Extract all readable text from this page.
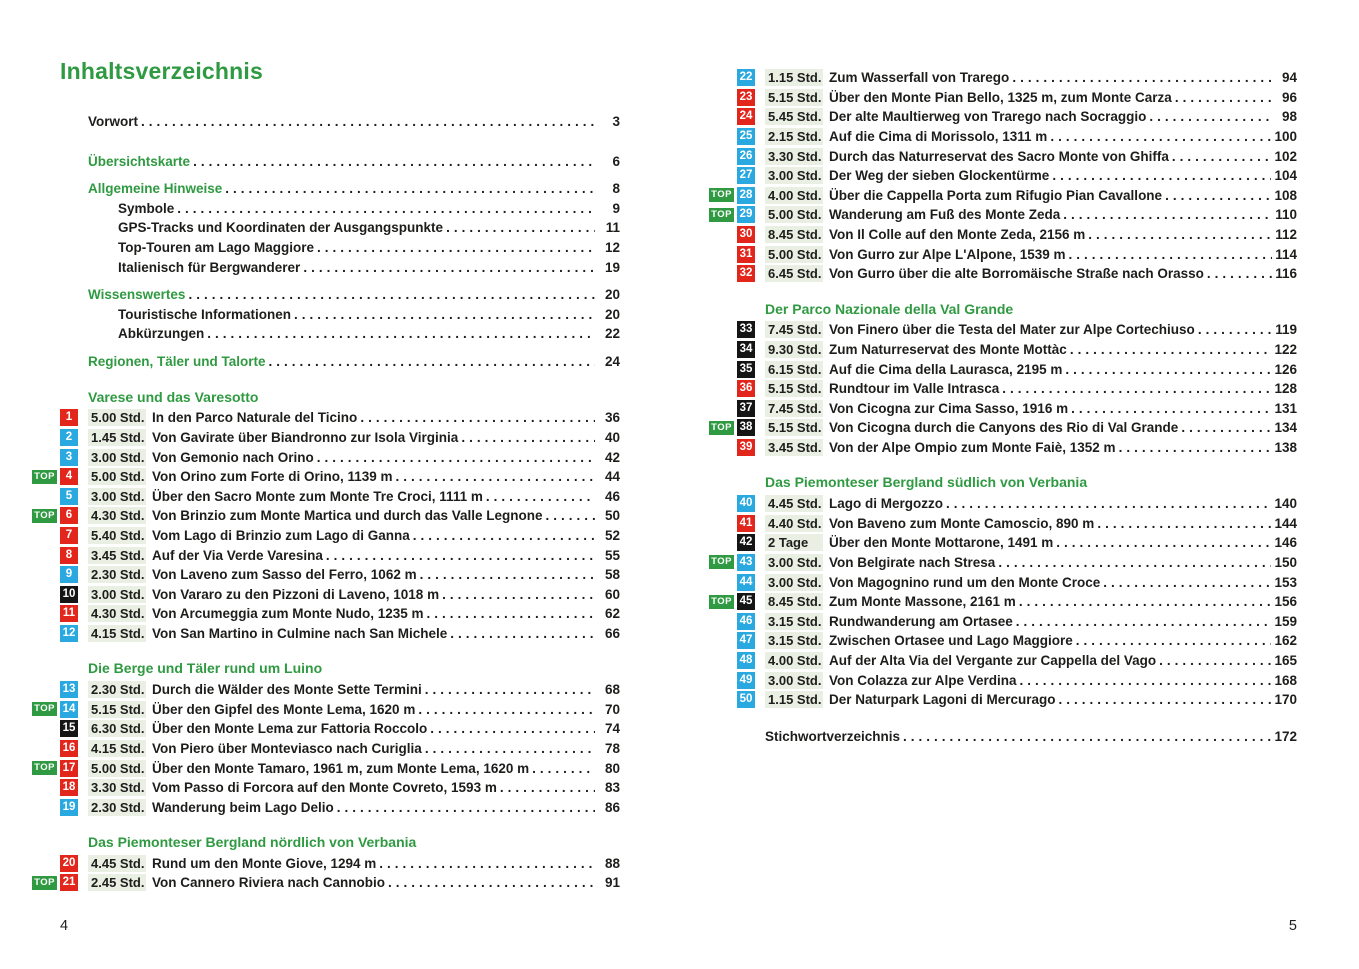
Inhaltsverzeichnis
Vorwort .....	3
Übersichtskarte .....	6
Allgemeine Hinweise .....	8
Symbole .....	9
GPS-Tracks und Koordinaten der Ausgangspunkte .....	11
Top-Touren am Lago Maggiore .....	12
Italienisch für Bergwanderer .....	19
Wissenswertes .....	20
Touristische Informationen .....	20
Abkürzungen .....	22
Regionen, Täler und Talorte .....	24
Varese und das Varesotto
1	5.00 Std. In den Parco Naturale del Ticino .....	36
2	1.45 Std. Von Gavirate über Biandronno zur Isola Virginia .....	40
3	3.00 Std. Von Gemonio nach Orino .....	42
TOP 4	5.00 Std. Von Orino zum Forte di Orino, 1139 m .....	44
5	3.00 Std. Über den Sacro Monte zum Monte Tre Croci, 1111 m .....	46
TOP 6	4.30 Std. Von Brinzio zum Monte Martica und durch das Valle Legnone .....	50
7	5.40 Std. Vom Lago di Brinzio zum Lago di Ganna .....	52
8	3.45 Std. Auf der Via Verde Varesina .....	55
9	2.30 Std. Von Laveno zum Sasso del Ferro, 1062 m .....	58
10 3.00 Std. Von Vararo zu den Pizzoni di Laveno, 1018 m .....	60
11 4.30 Std. Von Arcumeggia zum Monte Nudo, 1235 m .....	62
12 4.15 Std. Von San Martino in Culmine nach San Michele .....	66
Die Berge und Täler rund um Luino
13 2.30 Std. Durch die Wälder des Monte Sette Termini .....	68
TOP 14 5.15 Std. Über den Gipfel des Monte Lema, 1620 m .....	70
15 6.30 Std. Über den Monte Lema zur Fattoria Roccolo .....	74
16 4.15 Std. Von Piero über Monteviasco nach Curiglia .....	78
TOP 17 5.00 Std. Über den Monte Tamaro, 1961 m, zum Monte Lema, 1620 m .....	80
18 3.30 Std. Vom Passo di Forcora auf den Monte Covreto, 1593 m .....	83
19 2.30 Std. Wanderung beim Lago Delio .....	86
Das Piemonteser Bergland nördlich von Verbania
20 4.45 Std. Rund um den Monte Giove, 1294 m .....	88
TOP 21 2.45 Std. Von Cannero Riviera nach Cannobio .....	91
22 1.15 Std. Zum Wasserfall von Trarego .....	94
23 5.15 Std. Über den Monte Pian Bello, 1325 m, zum Monte Carza .....	96
24 5.45 Std. Der alte Maultierweg von Trarego nach Socraggio .....	98
25 2.15 Std. Auf die Cima di Morissolo, 1311 m .....	100
26 3.30 Std. Durch das Naturreservat des Sacro Monte von Ghiffa .....	102
27 3.00 Std. Der Weg der sieben Glockentürme .....	104
TOP 28 4.00 Std. Über die Cappella Porta zum Rifugio Pian Cavallone .....	108
TOP 29 5.00 Std. Wanderung am Fuß des Monte Zeda .....	110
30 8.45 Std. Von Il Colle auf den Monte Zeda, 2156 m .....	112
31 5.00 Std. Von Gurro zur Alpe L'Alpone, 1539 m .....	114
32 6.45 Std. Von Gurro über die alte Borromäische Straße nach Orasso .....	116
Der Parco Nazionale della Val Grande
33 7.45 Std. Von Finero über die Testa del Mater zur Alpe Cortechiuso .....	119
34 9.30 Std. Zum Naturreservat des Monte Mottàc .....	122
35 6.15 Std. Auf die Cima della Laurasca, 2195 m .....	126
36 5.15 Std. Rundtour im Valle Intrasca .....	128
37 7.45 Std. Von Cicogna zur Cima Sasso, 1916 m .....	131
TOP 38 5.15 Std. Von Cicogna durch die Canyons des Rio di Val Grande .....	134
39 3.45 Std. Von der Alpe Ompio zum Monte Faiè, 1352 m .....	138
Das Piemonteser Bergland südlich von Verbania
40 4.45 Std. Lago di Mergozzo .....	140
41 4.40 Std. Von Baveno zum Monte Camoscio, 890 m .....	144
42 2 Tage	Über den Monte Mottarone, 1491 m .....	146
TOP 43 3.00 Std. Von Belgirate nach Stresa .....	150
44 3.00 Std. Von Magognino rund um den Monte Croce .....	153
TOP 45 8.45 Std. Zum Monte Massone, 2161 m .....	156
46 3.15 Std. Rundwanderung am Ortasee .....	159
47 3.15 Std. Zwischen Ortasee und Lago Maggiore .....	162
48 4.00 Std. Auf der Alta Via del Vergante zur Cappella del Vago .....	165
49 3.00 Std. Von Colazza zur Alpe Verdina .....	168
50 1.15 Std. Der Naturpark Lagoni di Mercurago .....	170
Stichwortverzeichnis .....	172
4	5
